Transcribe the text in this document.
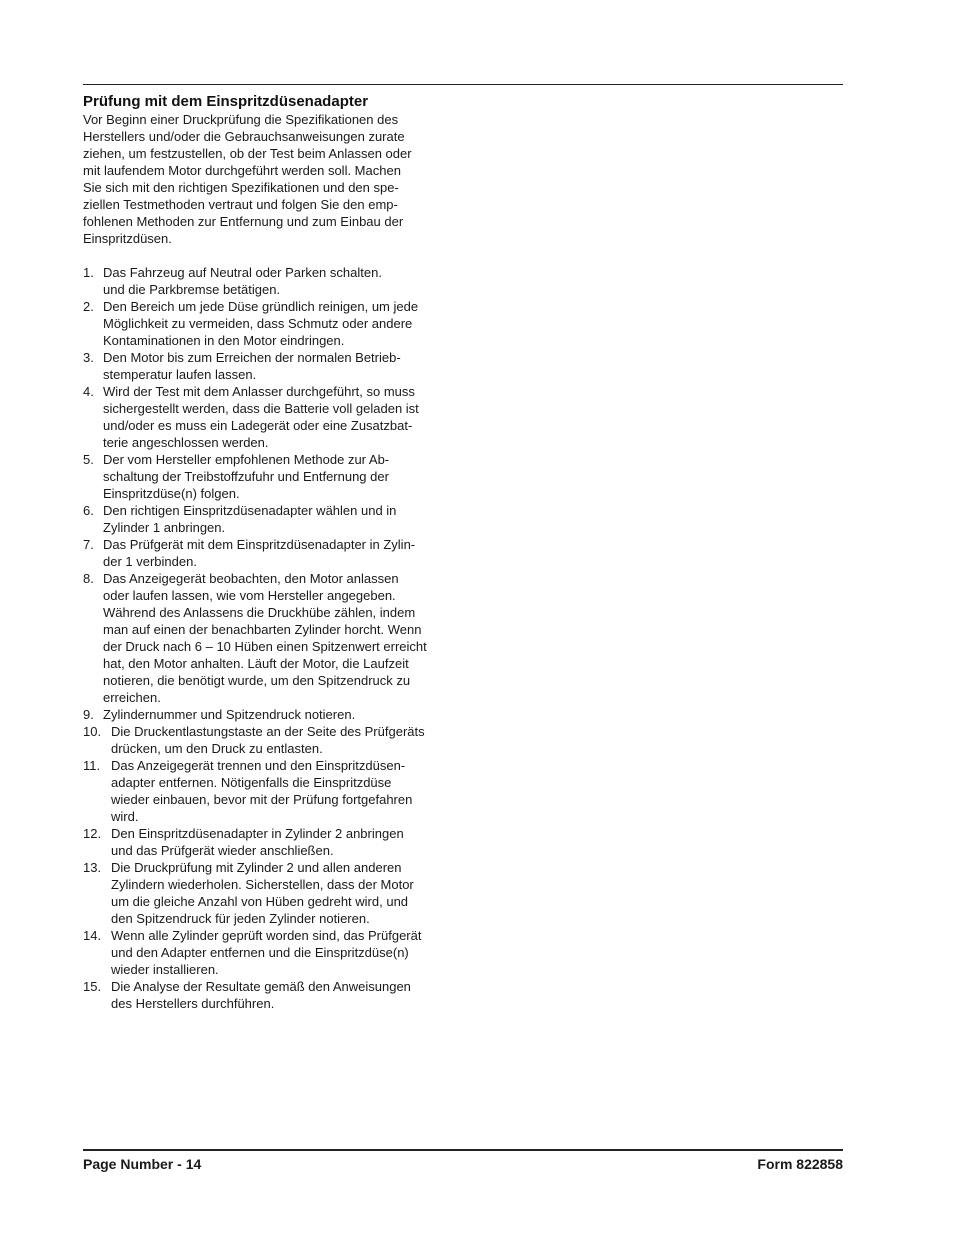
Prüfung mit dem Einspritzdüsenadapter

Vor Beginn einer Druckprüfung die Spezifikationen des
Herstellers und/oder die Gebrauchsanweisungen zurate
ziehen, um festzustellen, ob der Test beim Anlassen oder
mit laufendem Motor durchgeführt werden soll. Machen
Sie sich mit den richtigen Spezifikationen und den spe-
ziellen Testmethoden vertraut und folgen Sie den emp-
fohlenen Methoden zur Entfernung und zum Einbau der
Einspritzdüsen.

1. Das Fahrzeug auf Neutral oder Parken schalten.
und die Parkbremse betätigen.
2. Den Bereich um jede Düse gründlich reinigen, um jede
Möglichkeit zu vermeiden, dass Schmutz oder andere
Kontaminationen in den Motor eindringen.
3. Den Motor bis zum Erreichen der normalen Betrieb-
stemperatur laufen lassen.
4. Wird der Test mit dem Anlasser durchgeführt, so muss
sichergestellt werden, dass die Batterie voll geladen ist
und/oder es muss ein Ladegerät oder eine Zusatzbat-
terie angeschlossen werden.
5. Der vom Hersteller empfohlenen Methode zur Ab-
schaltung der Treibstoffzufuhr und Entfernung der
Einspritzdüse(n) folgen.
6. Den richtigen Einspritzdüsenadapter wählen und in
Zylinder 1 anbringen.
7. Das Prüfgerät mit dem Einspritzdüsenadapter in Zylin-
der 1 verbinden.
8. Das Anzeigegerät beobachten, den Motor anlassen
oder laufen lassen, wie vom Hersteller angegeben.
Während des Anlassens die Druckhübe zählen, indem
man auf einen der benachbarten Zylinder horcht. Wenn
der Druck nach 6 – 10 Hüben einen Spitzenwert erreicht
hat, den Motor anhalten. Läuft der Motor, die Laufzeit
notieren, die benötigt wurde, um den Spitzendruck zu
erreichen.
9. Zylindernummer und Spitzendruck notieren.
10. Die Druckentlastungstaste an der Seite des Prüfgeräts
drücken, um den Druck zu entlasten.
11. Das Anzeigegerät trennen und den Einspritzdüsen-
adapter entfernen. Nötigenfalls die Einspritzdüse
wieder einbauen, bevor mit der Prüfung fortgefahren
wird.
12. Den Einspritzdüsenadapter in Zylinder 2 anbringen
und das Prüfgerät wieder anschließen.
13. Die Druckprüfung mit Zylinder 2 und allen anderen
Zylindern wiederholen. Sicherstellen, dass der Motor
um die gleiche Anzahl von Hüben gedreht wird, und
den Spitzendruck für jeden Zylinder notieren.
14. Wenn alle Zylinder geprüft worden sind, das Prüfgerät
und den Adapter entfernen und die Einspritzdüse(n)
wieder installieren.
15. Die Analyse der Resultate gemäß den Anweisungen
des Herstellers durchführen.
Page Number - 14	Form 822858
